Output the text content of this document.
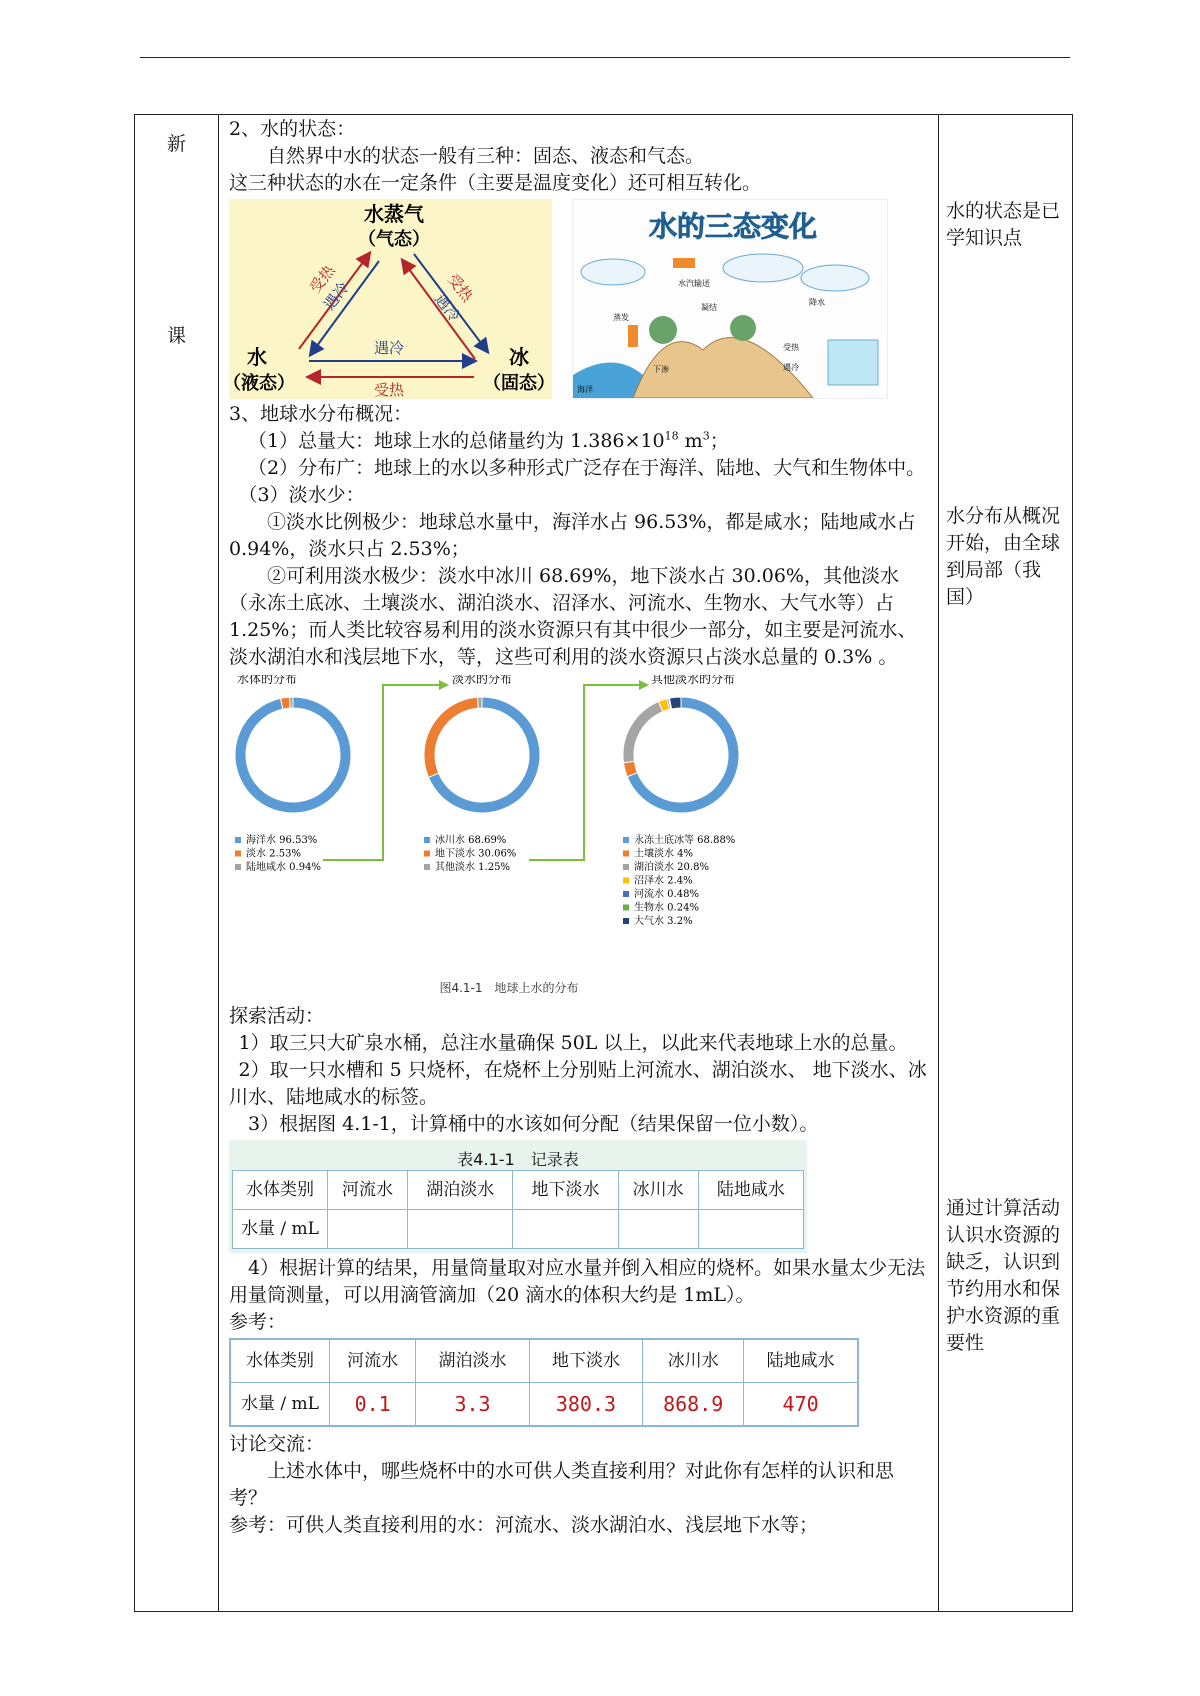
新
课

2、水的状态：

自然界中水的状态一般有三种：固态、液态和气态。

这三种状态的水在一定条件（主要是温度变化）还可相互转化。

水蒸气
（气态）
水
（液态）
冰
（固态）
受热
遇冷	受热
遇冷
遇冷
受热
水的三态变化
水汽输送
海洋
蒸发
下渗
受热
遇冷
凝结
降水

3、地球水分布概况：

（1）总量大：地球上水的总储量约为 $1.386\times 10^{18}$ $m^3$；

（2）分布广：地球上的水以多种形式广泛存在于海洋、陆地、大气和生物体中。

（3）淡水少：

①淡水比例极少：地球总水量中，海洋水占 96.53%，都是咸水；陆地咸水占 0.94%，淡水只占 2.53%；

②可利用淡水极少：淡水中冰川 68.69%，地下淡水占 30.06%，其他淡水（永冻土底冰、土壤淡水、湖泊淡水、沼泽水、河流水、生物水、大气水等）占 1.25%；而人类比较容易利用的淡水资源只有其中很少一部分，如主要是河流水、淡水湖泊水和浅层地下水，等，这些可利用的淡水资源只占淡水总量的 0.3% 。

水体的分布
海洋水 96.53%
淡水 2.53%
陆地咸水 0.94%
淡水的分布
冰川水 68.69%
地下淡水 30.06%
其他淡水 1.25%
其他淡水的分布
永冻土底冰等 68.88%
土壤淡水 4%
湖泊淡水 20.8%
沼泽水 2.4%
河流水 0.48%
生物水 0.24%
大气水 3.2%
图4.1-1　地球上水的分布

探索活动：

1）取三只大矿泉水桶，总注水量确保 50L 以上，以此来代表地球上水的总量。

2）取一只水槽和 5 只烧杯，在烧杯上分别贴上河流水、湖泊淡水、 地下淡水、冰川水、陆地咸水的标签。

3）根据图 4.1-1，计算桶中的水该如何分配（结果保留一位小数）。

表4.1-1　记录表
水体类别	河流水	湖泊淡水	地下淡水	冰川水	陆地咸水
水量 / mL					

4）根据计算的结果，用量筒量取对应水量并倒入相应的烧杯。如果水量太少无法用量筒测量，可以用滴管滴加（20 滴水的体积大约是 1mL）。

参考：

水体类别	河流水	湖泊淡水	地下淡水	冰川水	陆地咸水
水量 / mL	0.1	3.3	380.3	868.9	470

讨论交流：

上述水体中，哪些烧杯中的水可供人类直接利用？对此你有怎样的认识和思考？

参考：可供人类直接利用的水：河流水、淡水湖泊水、浅层地下水等；

水的状态是已学知识点
水分布从概况开始，由全球到局部（我国）
通过计算活动认识水资源的缺乏，认识到节约用水和保护水资源的重要性
